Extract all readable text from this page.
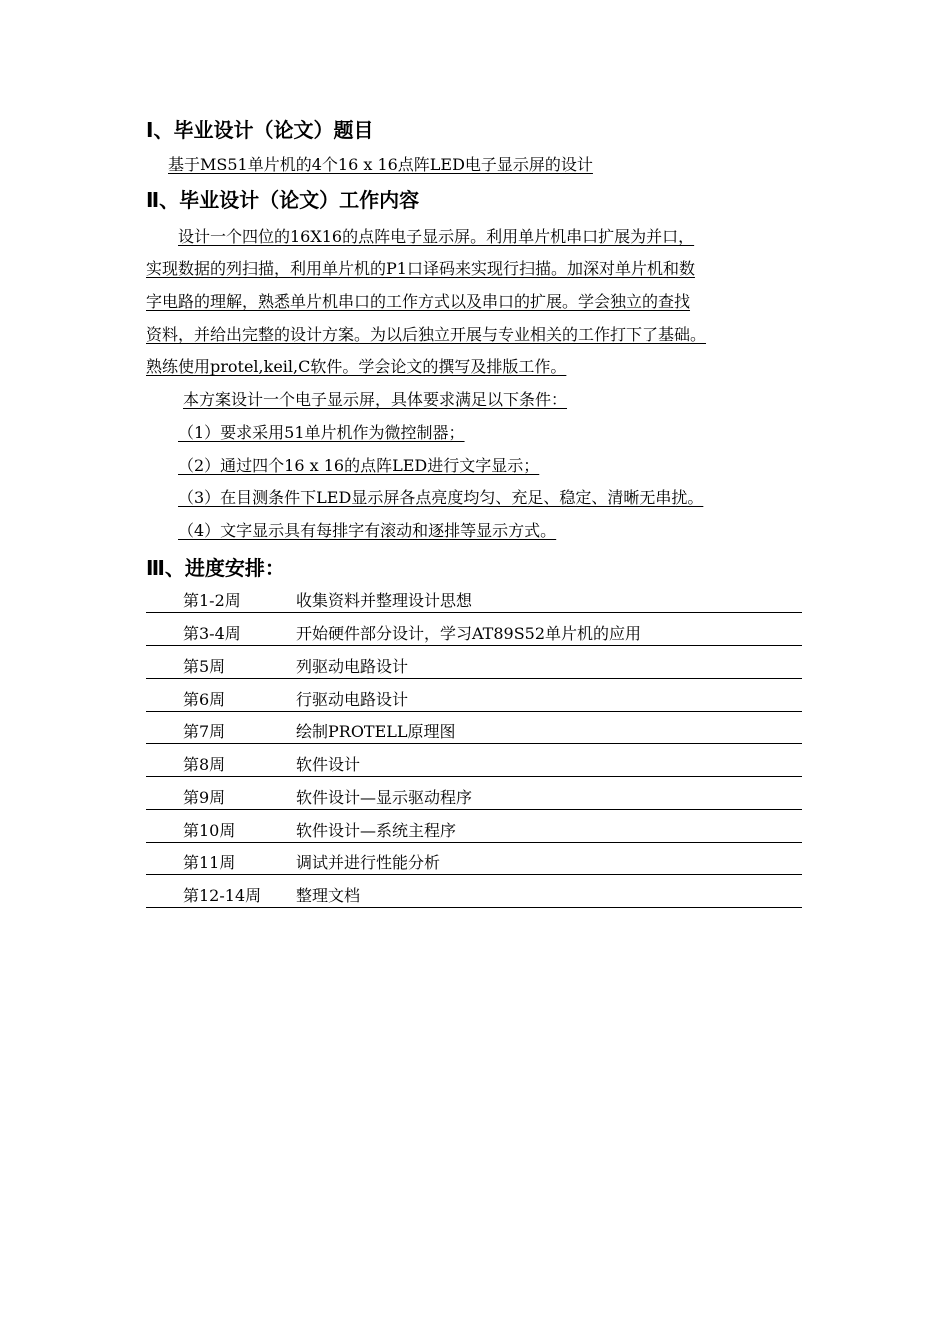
Ⅰ、毕业设计（论文）题目
基于MS51单片机的4个16 x 16点阵LED电子显示屏的设计
Ⅱ、毕业设计（论文）工作内容
设计一个四位的16X16的点阵电子显示屏。利用单片机串口扩展为并口，
实现数据的列扫描，利用单片机的P1口译码来实现行扫描。加深对单片机和数
字电路的理解，熟悉单片机串口的工作方式以及串口的扩展。学会独立的查找
资料，并给出完整的设计方案。为以后独立开展与专业相关的工作打下了基础。
熟练使用protel,keil,C软件。学会论文的撰写及排版工作。
本方案设计一个电子显示屏，具体要求满足以下条件：
（1）要求采用51单片机作为微控制器；
（2）通过四个16 x 16的点阵LED进行文字显示；
（3）在目测条件下LED显示屏各点亮度均匀、充足、稳定、清晰无串扰。
（4）文字显示具有每排字有滚动和逐排等显示方式。
Ⅲ、进度安排：
第1-2周	收集资料并整理设计思想
第3-4周	开始硬件部分设计，学习AT89S52单片机的应用
第5周	列驱动电路设计
第6周	行驱动电路设计
第7周	绘制PROTELL原理图
第8周	软件设计
第9周	软件设计—显示驱动程序
第10周	软件设计—系统主程序
第11周	调试并进行性能分析
第12-14周 整理文档
